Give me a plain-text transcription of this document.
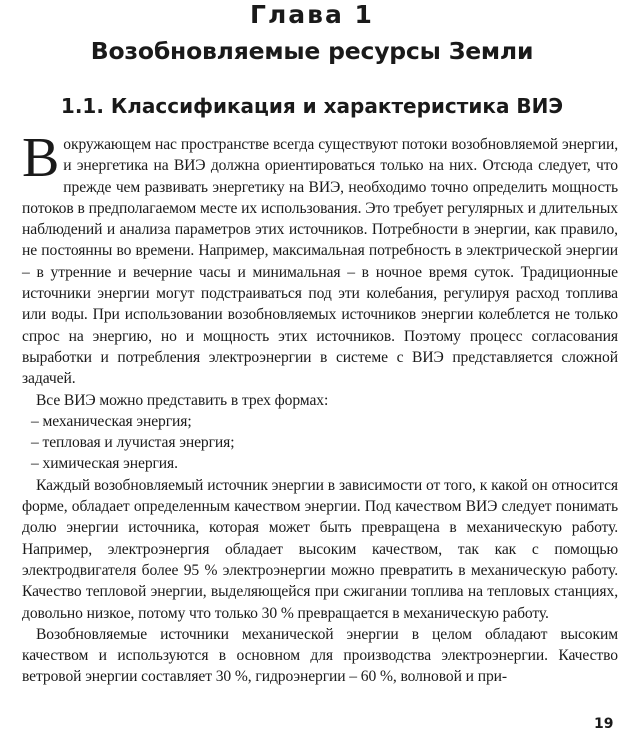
Глава 1
Возобновляемые ресурсы Земли
1.1. Классификация и характеристика ВИЭ

В окружающем нас пространстве всегда существуют потоки возобновляемой энергии, и энергетика на ВИЭ должна ориентироваться только на них. Отсюда следует, что прежде чем развивать энергетику на ВИЭ, необходимо точно определить мощность потоков в предполагаемом месте их использования. Это требует регулярных и длительных наблюдений и анализа параметров этих источников. Потребности в энергии, как правило, не постоянны во времени. Например, максимальная потребность в электрической энергии – в утренние и вечерние часы и минимальная – в ночное время суток. Традиционные источники энергии могут подстраиваться под эти колебания, регулируя расход топлива или воды. При использовании возобновляемых источников энергии колеблется не только спрос на энергию, но и мощность этих источников. Поэтому процесс согласования выработки и потребления электроэнергии в системе с ВИЭ представляется сложной задачей.

Все ВИЭ можно представить в трех формах:

– механическая энергия;

– тепловая и лучистая энергия;

– химическая энергия.

Каждый возобновляемый источник энергии в зависимости от того, к какой он относится форме, обладает определенным качеством энергии. Под качеством ВИЭ следует понимать долю энергии источника, которая может быть превращена в механическую работу. Например, электроэнергия обладает высоким качеством, так как с помощью электродвигателя более 95 % электроэнергии можно превратить в механическую работу. Качество тепловой энергии, выделяющейся при сжигании топлива на тепловых станциях, довольно низкое, потому что только 30 % превращается в механическую работу.

Возобновляемые источники механической энергии в целом обладают высоким качеством и используются в основном для производства электроэнергии. Качество ветровой энергии составляет 30 %, гидроэнергии – 60 %, волновой и при-

19
